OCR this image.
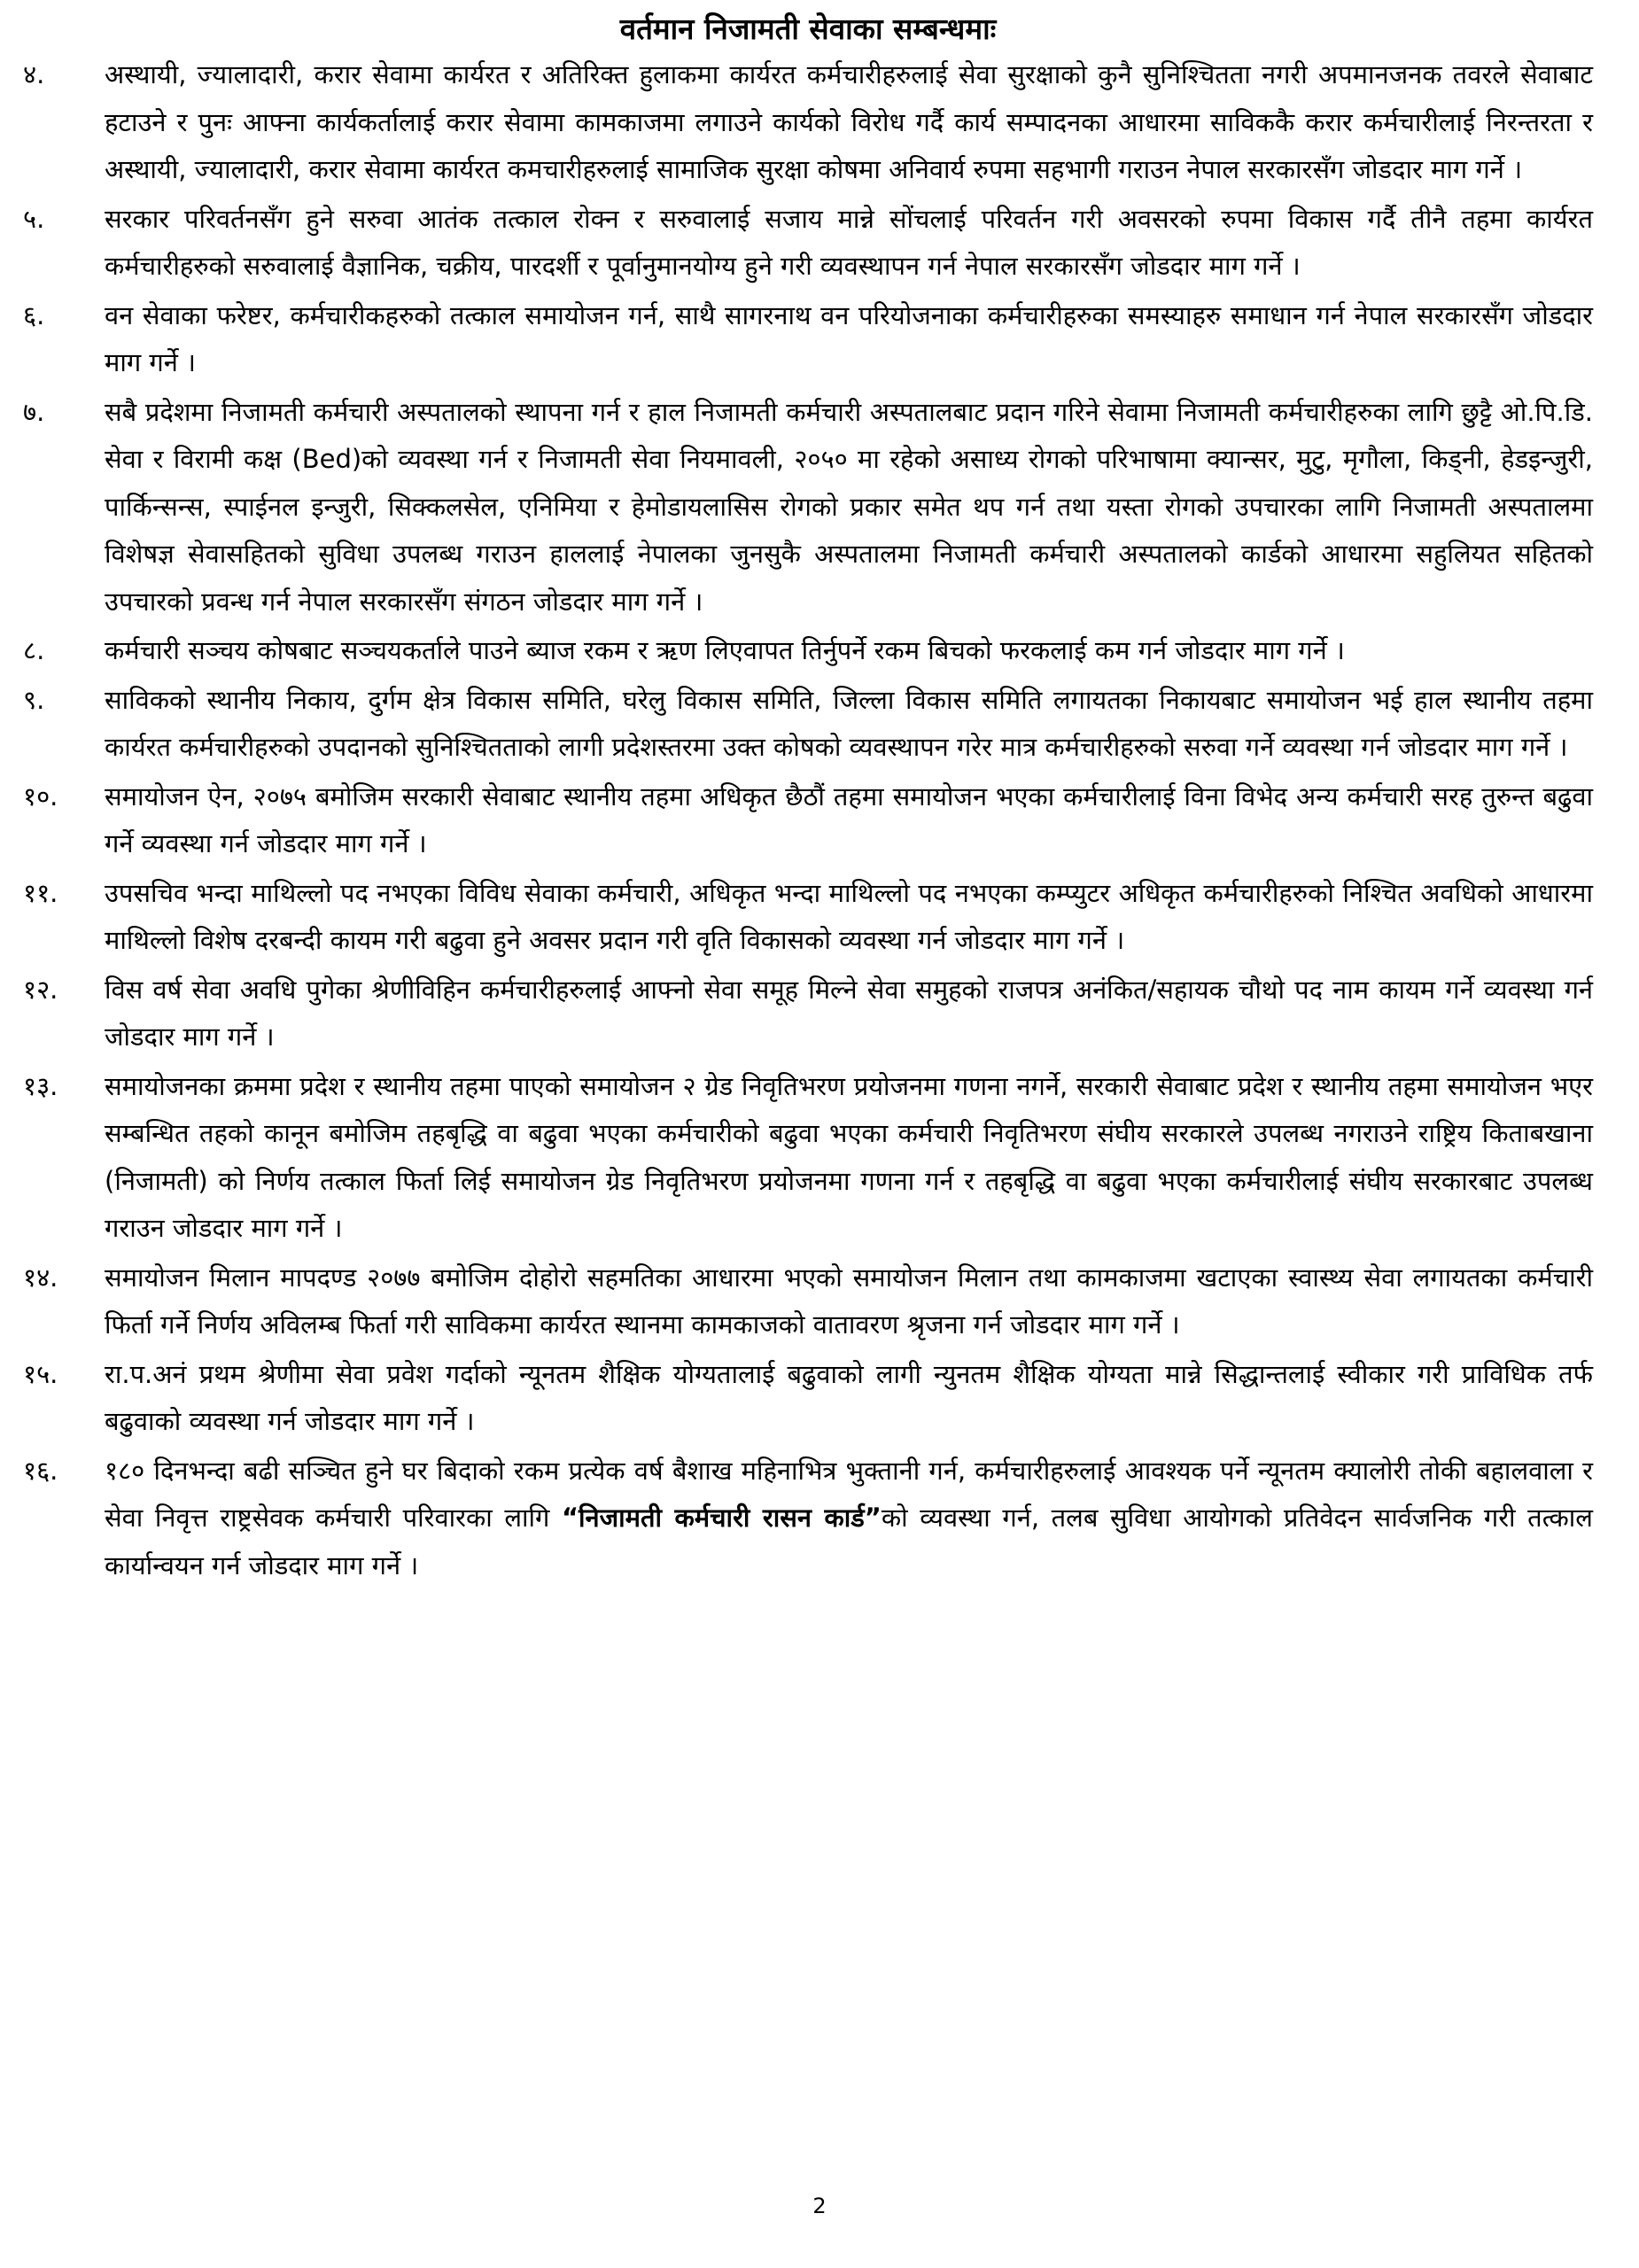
वर्तमान निजामती सेवाका सम्बन्धमाः
४.	अस्थायी, ज्यालादारी, करार सेवामा कार्यरत र अतिरिक्त हुलाकमा कार्यरत कर्मचारीहरुलाई सेवा सुरक्षाको कुनै सुनिश्चितता नगरी अपमानजनक तवरले सेवाबाट हटाउने र पुनः आफ्ना कार्यकर्तालाई करार सेवामा कामकाजमा लगाउने कार्यको विरोध गर्दै कार्य सम्पादनका आधारमा साविककै करार कर्मचारीलाई निरन्तरता र अस्थायी, ज्यालादारी, करार सेवामा कार्यरत कमचारीहरुलाई सामाजिक सुरक्षा कोषमा अनिवार्य रुपमा सहभागी गराउन नेपाल सरकारसँग जोडदार माग गर्ने ।
५.	सरकार परिवर्तनसँग हुने सरुवा आतंक तत्काल रोक्न र सरुवालाई सजाय मान्ने सोंचलाई परिवर्तन गरी अवसरको रुपमा विकास गर्दै तीनै तहमा कार्यरत कर्मचारीहरुको सरुवालाई वैज्ञानिक, चक्रीय, पारदर्शी र पूर्वानुमानयोग्य हुने गरी व्यवस्थापन गर्न नेपाल सरकारसँग जोडदार माग गर्ने ।
६.	वन सेवाका फरेष्टर, कर्मचारीकहरुको तत्काल समायोजन गर्न, साथै सागरनाथ वन परियोजनाका कर्मचारीहरुका समस्याहरु समाधान गर्न नेपाल सरकारसँग जोडदार माग गर्ने ।
७.	सबै प्रदेशमा निजामती कर्मचारी अस्पतालको स्थापना गर्न र हाल निजामती कर्मचारी अस्पतालबाट प्रदान गरिने सेवामा निजामती कर्मचारीहरुका लागि छुट्टै ओ.पि.डि. सेवा र विरामी कक्ष (Bed)को व्यवस्था गर्न र निजामती सेवा नियमावली, २०५० मा रहेको असाध्य रोगको परिभाषामा क्यान्सर, मुटु, मृगौला, किड्नी, हेडइन्जुरी, पार्किन्सन्स, स्पाईनल इन्जुरी, सिक्कलसेल, एनिमिया र हेमोडायलासिस रोगको प्रकार समेत थप गर्न तथा यस्ता रोगको उपचारका लागि निजामती अस्पतालमा विशेषज्ञ सेवासहितको सुविधा उपलब्ध गराउन हाललाई नेपालका जुनसुकै अस्पतालमा निजामती कर्मचारी अस्पतालको कार्डको आधारमा सहुलियत सहितको उपचारको प्रवन्ध गर्न नेपाल सरकारसँग संगठन जोडदार माग गर्ने ।
८.	कर्मचारी सञ्चय कोषबाट सञ्चयकर्ताले पाउने ब्याज रकम र ऋण लिएवापत तिर्नुपर्ने रकम बिचको फरकलाई कम गर्न जोडदार माग गर्ने ।
९.	साविकको स्थानीय निकाय, दुर्गम क्षेत्र विकास समिति, घरेलु विकास समिति, जिल्ला विकास समिति लगायतका निकायबाट समायोजन भई हाल स्थानीय तहमा कार्यरत कर्मचारीहरुको उपदानको सुनिश्चितताको लागी प्रदेशस्तरमा उक्त कोषको व्यवस्थापन गरेर मात्र कर्मचारीहरुको सरुवा गर्ने व्यवस्था गर्न जोडदार माग गर्ने ।
१०.	समायोजन ऐन, २०७५ बमोजिम सरकारी सेवाबाट स्थानीय तहमा अधिकृत छैठौं तहमा समायोजन भएका कर्मचारीलाई विना विभेद अन्य कर्मचारी सरह तुरुन्त बढुवा गर्ने व्यवस्था गर्न जोडदार माग गर्ने ।
११.	उपसचिव भन्दा माथिल्लो पद नभएका विविध सेवाका कर्मचारी, अधिकृत भन्दा माथिल्लो पद नभएका कम्प्युटर अधिकृत कर्मचारीहरुको निश्चित अवधिको आधारमा माथिल्लो विशेष दरबन्दी कायम गरी बढुवा हुने अवसर प्रदान गरी वृति विकासको व्यवस्था गर्न जोडदार माग गर्ने ।
१२.	विस वर्ष सेवा अवधि पुगेका श्रेणीविहिन कर्मचारीहरुलाई आफ्नो सेवा समूह मिल्ने सेवा समुहको राजपत्र अनंकित/सहायक चौथो पद नाम कायम गर्ने व्यवस्था गर्न जोडदार माग गर्ने ।
१३.	समायोजनका क्रममा प्रदेश र स्थानीय तहमा पाएको समायोजन २ ग्रेड निवृतिभरण प्रयोजनमा गणना नगर्ने, सरकारी सेवाबाट प्रदेश र स्थानीय तहमा समायोजन भएर सम्बन्धित तहको कानून बमोजिम तहबृद्धि वा बढुवा भएका कर्मचारीको बढुवा भएका कर्मचारी निवृतिभरण संघीय सरकारले उपलब्ध नगराउने राष्ट्रिय किताबखाना (निजामती) को निर्णय तत्काल फिर्ता लिई समायोजन ग्रेड निवृतिभरण प्रयोजनमा गणना गर्न र तहबृद्धि वा बढुवा भएका कर्मचारीलाई संघीय सरकारबाट उपलब्ध गराउन जोडदार माग गर्ने ।
१४.	समायोजन मिलान मापदण्ड २०७७ बमोजिम दोहोरो सहमतिका आधारमा भएको समायोजन मिलान तथा कामकाजमा खटाएका स्वास्थ्य सेवा लगायतका कर्मचारी फिर्ता गर्ने निर्णय अविलम्ब फिर्ता गरी साविकमा कार्यरत स्थानमा कामकाजको वातावरण श्रृजना गर्न जोडदार माग गर्ने ।
१५.	रा.प.अनं प्रथम श्रेणीमा सेवा प्रवेश गर्दाको न्यूनतम शैक्षिक योग्यतालाई बढुवाको लागी न्युनतम शैक्षिक योग्यता मान्ने सिद्धान्तलाई स्वीकार गरी प्राविधिक तर्फ बढुवाको व्यवस्था गर्न जोडदार माग गर्ने ।
१६.	१८० दिनभन्दा बढी सञ्चित हुने घर बिदाको रकम प्रत्येक वर्ष बैशाख महिनाभित्र भुक्तानी गर्न, कर्मचारीहरुलाई आवश्यक पर्ने न्यूनतम क्यालोरी तोकी बहालवाला र सेवा निवृत्त राष्ट्रसेवक कर्मचारी परिवारका लागि “निजामती कर्मचारी रासन कार्ड”को व्यवस्था गर्न, तलब सुविधा आयोगको प्रतिवेदन सार्वजनिक गरी तत्काल कार्यान्वयन गर्न जोडदार माग गर्ने ।
2
